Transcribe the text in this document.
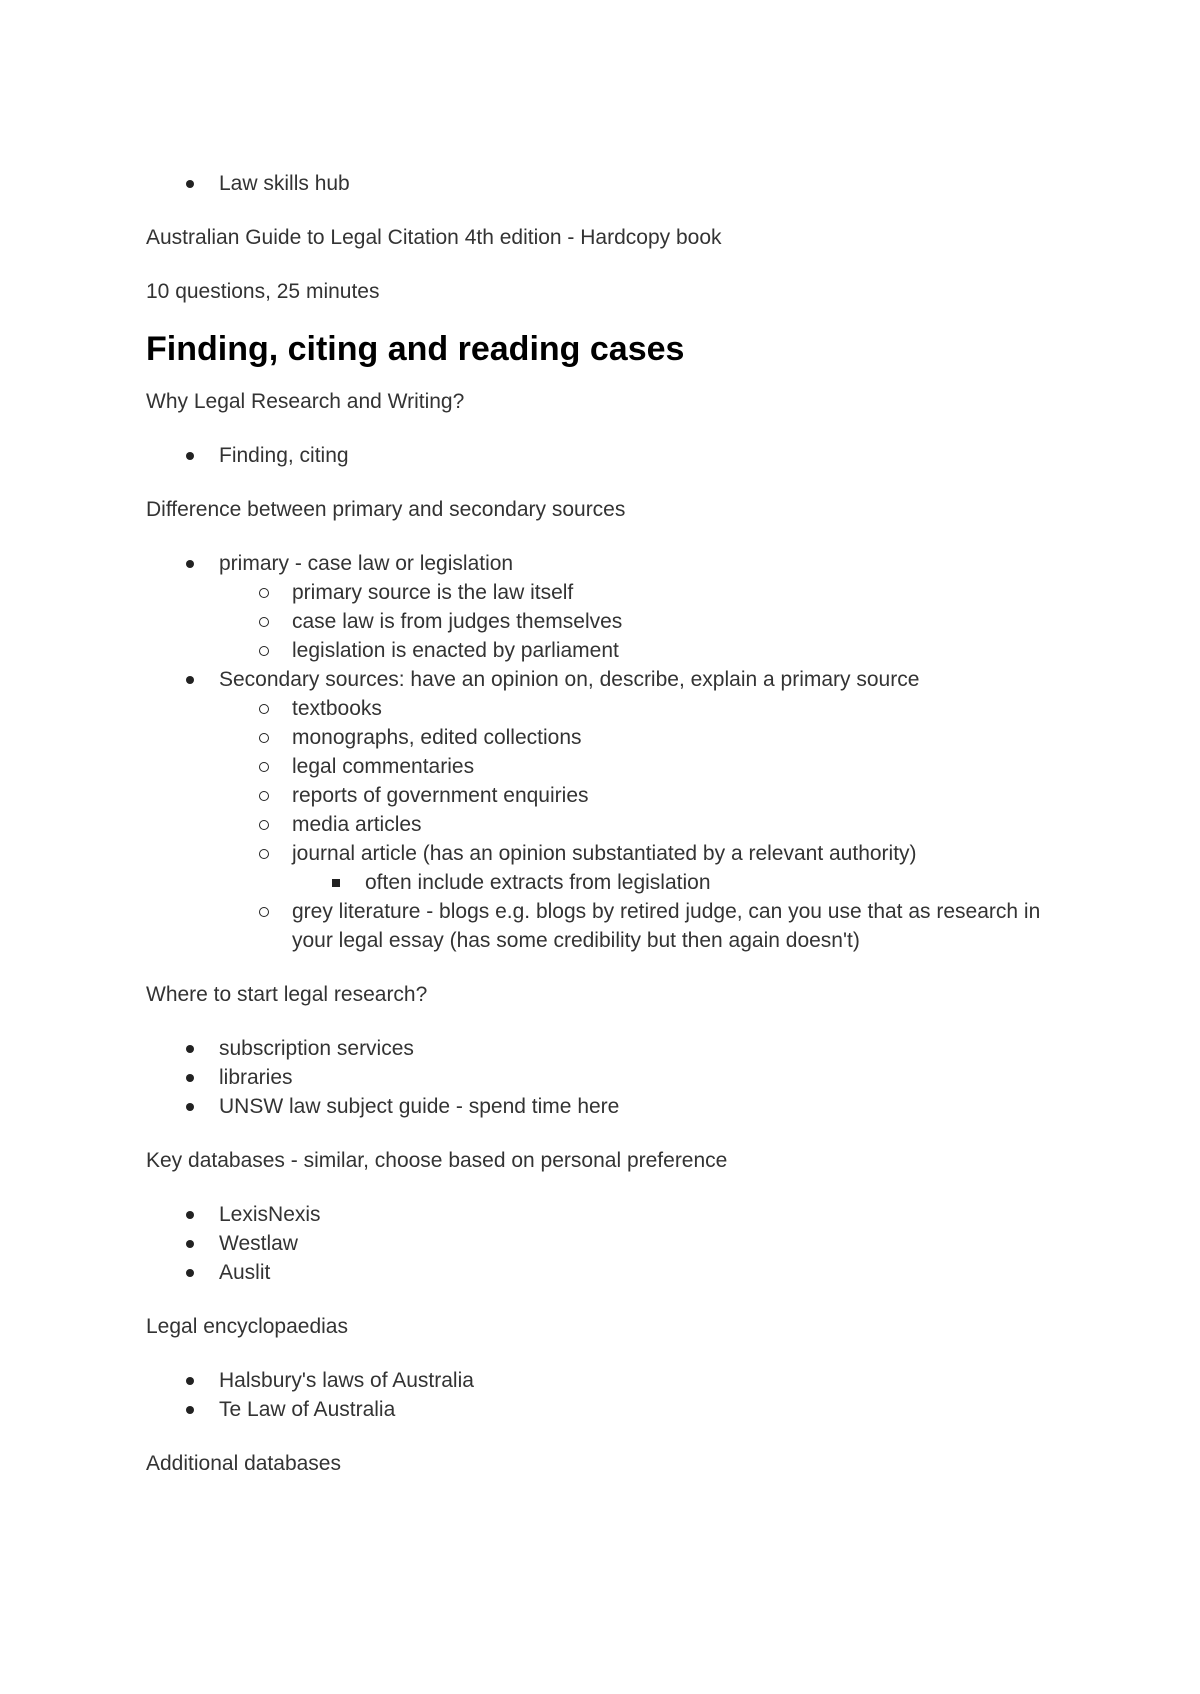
Law skills hub

Australian Guide to Legal Citation 4th edition - Hardcopy book

10 questions, 25 minutes

Finding, citing and reading cases

Why Legal Research and Writing?

Finding, citing

Difference between primary and secondary sources

primary - case law or legislation
primary source is the law itself
case law is from judges themselves
legislation is enacted by parliament
Secondary sources: have an opinion on, describe, explain a primary source
textbooks
monographs, edited collections
legal commentaries
reports of government enquiries
media articles
journal article (has an opinion substantiated by a relevant authority)
often include extracts from legislation
grey literature - blogs e.g. blogs by retired judge, can you use that as research in your legal essay (has some credibility but then again doesn't)

Where to start legal research?

subscription services
libraries
UNSW law subject guide - spend time here

Key databases - similar, choose based on personal preference

LexisNexis
Westlaw
Auslit

Legal encyclopaedias

Halsbury's laws of Australia
Te Law of Australia

Additional databases
